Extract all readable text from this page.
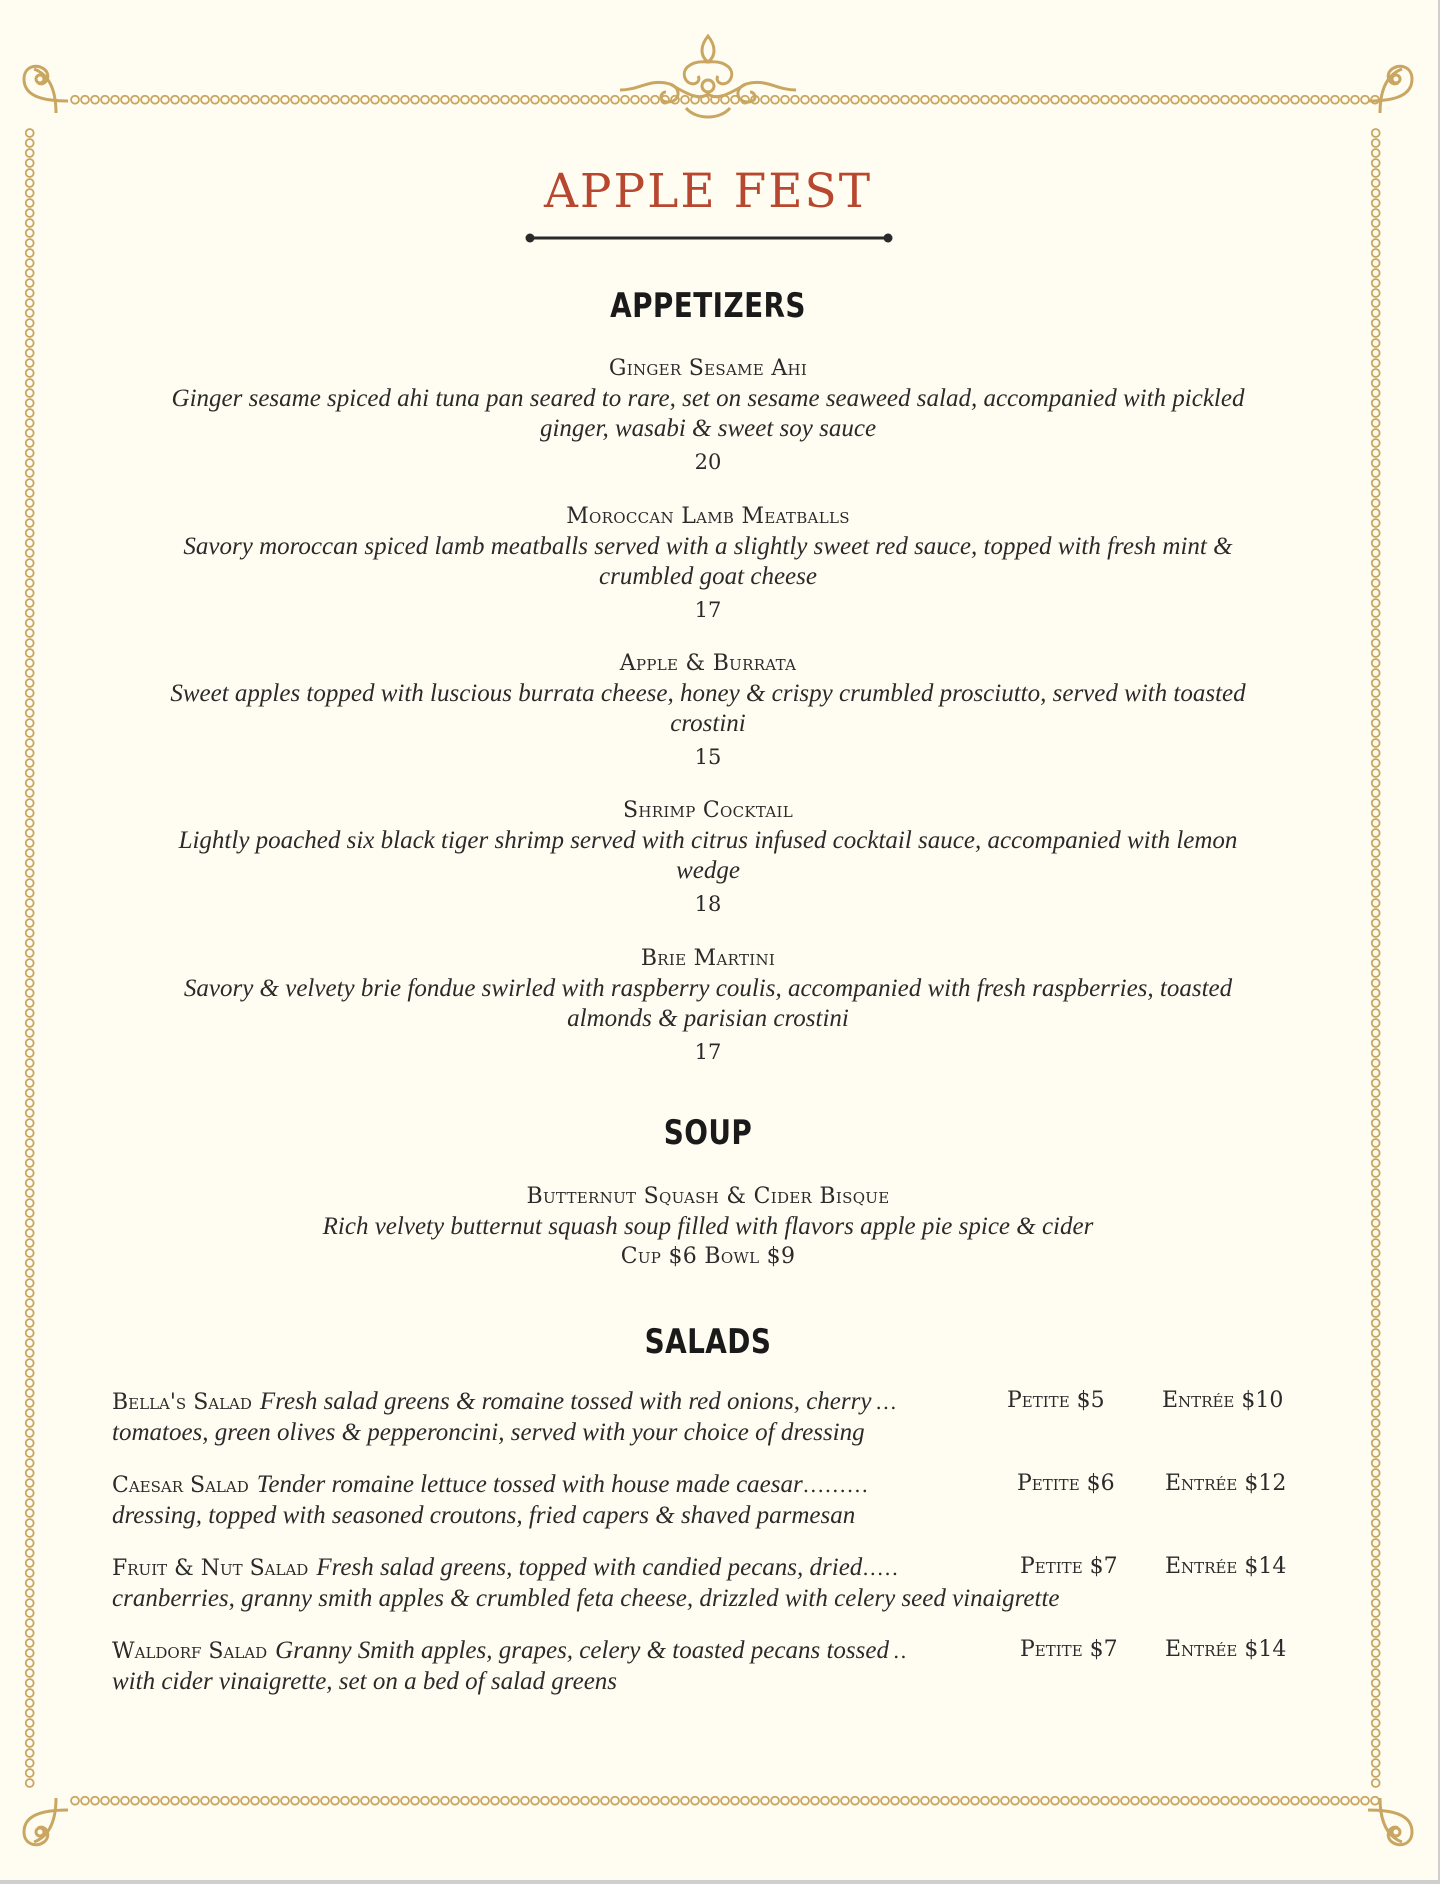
APPLE FEST
APPETIZERS
Ginger Sesame Ahi
Ginger sesame spiced ahi tuna pan seared to rare, set on sesame seaweed salad, accompanied with pickled
ginger, wasabi & sweet soy sauce
20
Moroccan Lamb Meatballs
Savory moroccan spiced lamb meatballs served with a slightly sweet red sauce, topped with fresh mint &
crumbled goat cheese
17
Apple & Burrata
Sweet apples topped with luscious burrata cheese, honey & crispy crumbled prosciutto, served with toasted
crostini
15
Shrimp Cocktail
Lightly poached six black tiger shrimp served with citrus infused cocktail sauce, accompanied with lemon
wedge
18
Brie Martini
Savory & velvety brie fondue swirled with raspberry coulis, accompanied with fresh raspberries, toasted
almonds & parisian crostini
17
SOUP
Butternut Squash & Cider Bisque
Rich velvety butternut squash soup filled with flavors apple pie spice & cider
Cup $6 Bowl $9
SALADS
Bella's Salad Fresh salad greens & romaine tossed with red onions, cherry ...	Petite $5	Entrée $10
tomatoes, green olives & pepperoncini, served with your choice of dressing
Caesar Salad Tender romaine lettuce tossed with house made caesar.........	Petite $6 Entrée $12
dressing, topped with seasoned croutons, fried capers & shaved parmesan
Fruit & Nut Salad Fresh salad greens, topped with candied pecans, dried.....	Petite $7 Entrée $14
cranberries, granny smith apples & crumbled feta cheese, drizzled with celery seed vinaigrette
Waldorf Salad Granny Smith apples, grapes, celery & toasted pecans tossed ..	Petite $7 Entrée $14
with cider vinaigrette, set on a bed of salad greens
